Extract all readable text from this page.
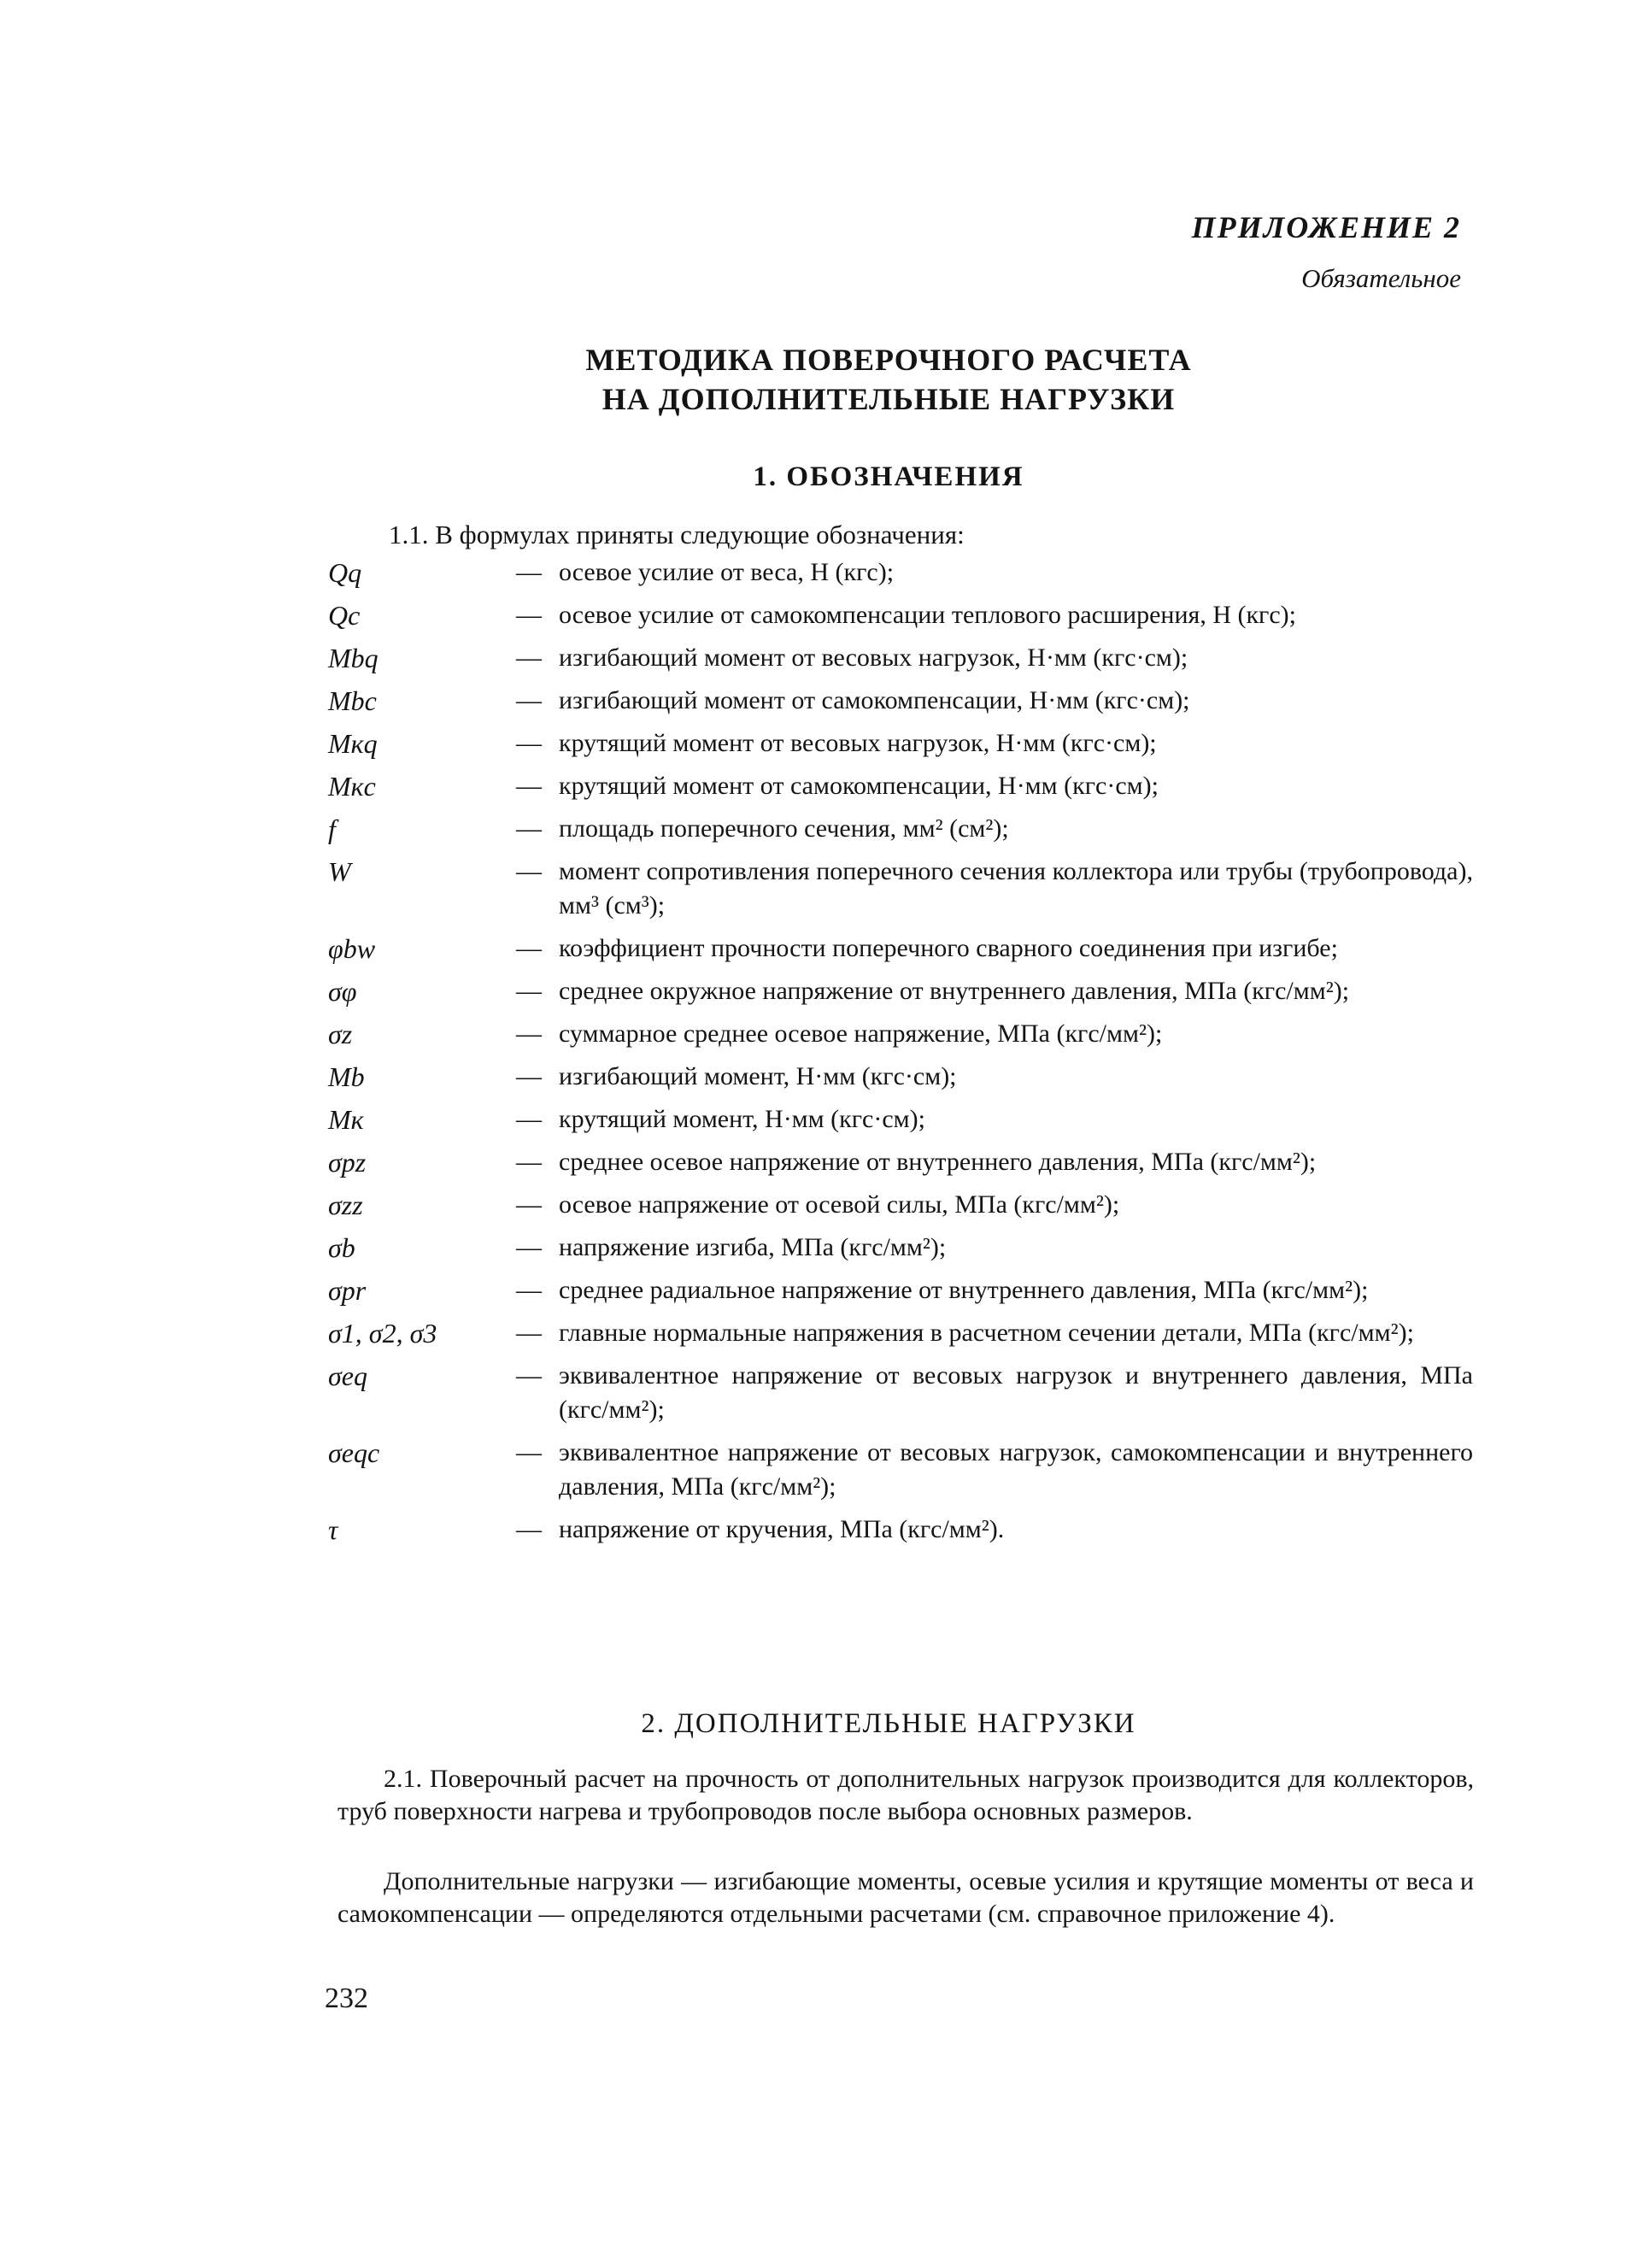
ПРИЛОЖЕНИЕ 2
Обязательное
МЕТОДИКА ПОВЕРОЧНОГО РАСЧЕТА
НА ДОПОЛНИТЕЛЬНЫЕ НАГРУЗКИ
1. ОБОЗНАЧЕНИЯ
1.1. В формулах приняты следующие обозначения:
Qq	— осевое усилие от веса, Н (кгс);
Qc	— осевое усилие от самокомпенсации теплового расширения, Н (кгс);
Mbq	— изгибающий момент от весовых нагрузок, Н·мм (кгс·см);
Mbc	— изгибающий момент от самокомпенсации, Н·мм (кгс·см);
Mкq	— крутящий момент от весовых нагрузок, Н·мм (кгс·см);
Mкc	— крутящий момент от самокомпенсации, Н·мм (кгс·см);
f	— площадь поперечного сечения, мм² (см²);
W	— момент сопротивления поперечного сечения коллектора или трубы (трубопровода), мм³ (см³);
φbw	— коэффициент прочности поперечного сварного соединения при изгибе;
σφ	— среднее окружное напряжение от внутреннего давления, МПа (кгс/мм²);
σz	— суммарное среднее осевое напряжение, МПа (кгс/мм²);
Mb	— изгибающий момент, Н·мм (кгс·см);
Mк	— крутящий момент, Н·мм (кгс·см);
σpz	— среднее осевое напряжение от внутреннего давления, МПа (кгс/мм²);
σzz	— осевое напряжение от осевой силы, МПа (кгс/мм²);
σb	— напряжение изгиба, МПа (кгс/мм²);
σpr	— среднее радиальное напряжение от внутреннего давления, МПа (кгс/мм²);
σ1, σ2, σ3	— главные нормальные напряжения в расчетном сечении детали, МПа (кгс/мм²);
σeq	— эквивалентное напряжение от весовых нагрузок и внутреннего давления, МПа (кгс/мм²);
σeqc	— эквивалентное напряжение от весовых нагрузок, самокомпенсации и внутреннего давления, МПа (кгс/мм²);
τ	— напряжение от кручения, МПа (кгс/мм²).
2. ДОПОЛНИТЕЛЬНЫЕ НАГРУЗКИ

2.1. Поверочный расчет на прочность от дополнительных нагрузок производится для коллекторов, труб поверхности нагрева и трубопроводов после выбора основных размеров.

Дополнительные нагрузки — изгибающие моменты, осевые усилия и крутящие моменты от веса и самокомпенсации — определяются отдельными расчетами (см. справочное приложение 4).

232
